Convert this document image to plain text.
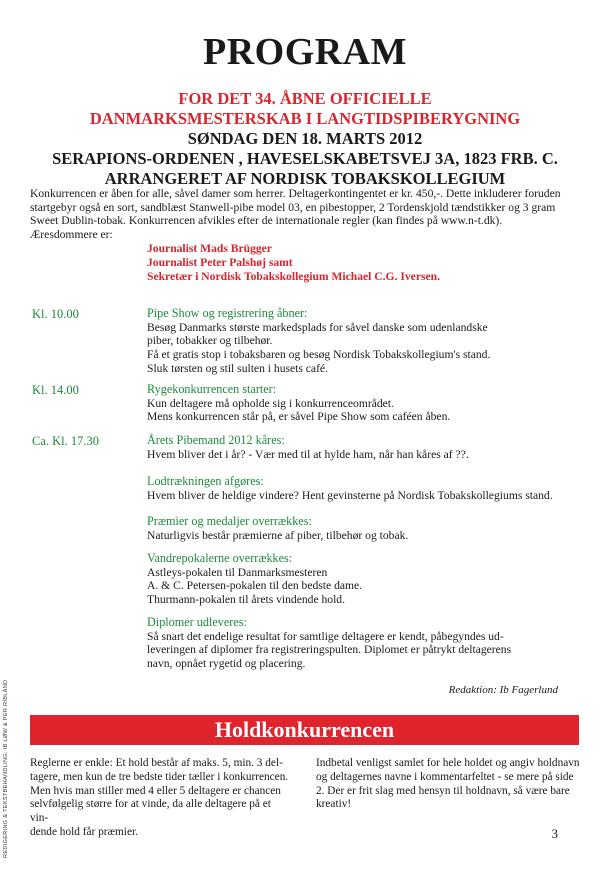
PROGRAM
FOR DET 34. ÅBNE OFFICIELLE
DANMARKSMESTERSKAB I LANGTIDSPIBERYGNING
SØNDAG DEN 18. MARTS 2012
SERAPIONS-ORDENEN , HAVESELSKABETSVEJ 3A, 1823 FRB. C.
ARRANGERET AF NORDISK TOBAKSKOLLEGIUM
Konkurrencen er åben for alle, såvel damer som herrer. Deltagerkontingentet er kr. 450,-. Dette inkluderer foruden
startgebyr også en sort, sandblæst Stanwell-pibe model 03, en pibestopper, 2 Tordenskjold tændstikker og 3 gram
Sweet Dublin-tobak. Konkurrencen afvikles efter de internationale regler (kan findes på www.n-t.dk).
Æresdommere er:
Journalist Mads Brügger
Journalist Peter Palshøj samt
Sekretær i Nordisk Tobakskollegium Michael C.G. Iversen.
Kl. 10.00	Pipe Show og registrering åbner:
Besøg Danmarks største markedsplads for såvel danske som udenlandske
piber, tobakker og tilbehør.
Få et gratis stop i tobaksbaren og besøg Nordisk Tobakskollegium's stand.
Sluk tørsten og stil sulten i husets café.
Kl. 14.00	Rygekonkurrencen starter:
Kun deltagere må opholde sig i konkurrenceområdet.
Mens konkurrencen står på, er såvel Pipe Show som caféen åben.
Ca. Kl. 17.30	Årets Pibemand 2012 kåres:
Hvem bliver det i år? - Vær med til at hylde ham, når han kåres af ??.
Lodtrækningen afgøres:
Hvem bliver de heldige vindere? Hent gevinsterne på Nordisk Tobakskollegiums stand.
Præmier og medaljer overrækkes:
Naturligvis består præmierne af piber, tilbehør og tobak.
Vandrepokalerne overrækkes:
Astleys-pokalen til Danmarksmesteren
A. & C. Petersen-pokalen til den bedste dame.
Thurmann-pokalen til årets vindende hold.
Diplomer udleveres:
Så snart det endelige resultat for samtlige deltagere er kendt, påbegyndes ud-
leveringen af diplomer fra registreringspulten. Diplomet er påtrykt deltagerens
navn, opnået rygetid og placering.
Redaktion: Ib Fagerlund
Holdkonkurrencen
Reglerne er enkle: Et hold består af maks. 5, min. 3 del-
tagere, men kun de tre bedste tider tæller i konkurrencen.
Men hvis man stiller med 4 eller 5 deltagere er chancen
selvfølgelig større for at vinde, da alle deltagere på et vin-
dende hold får præmier.
Indbetal venligst samlet for hele holdet og angiv holdnavn
og deltagernes navne i kommentarfeltet - se mere på side
2. Der er frit slag med hensyn til holdnavn, så være bare
kreativ!
3
REDIGERING & TEKSTBEHANDLING: IB LØW & PER RIBLAND
